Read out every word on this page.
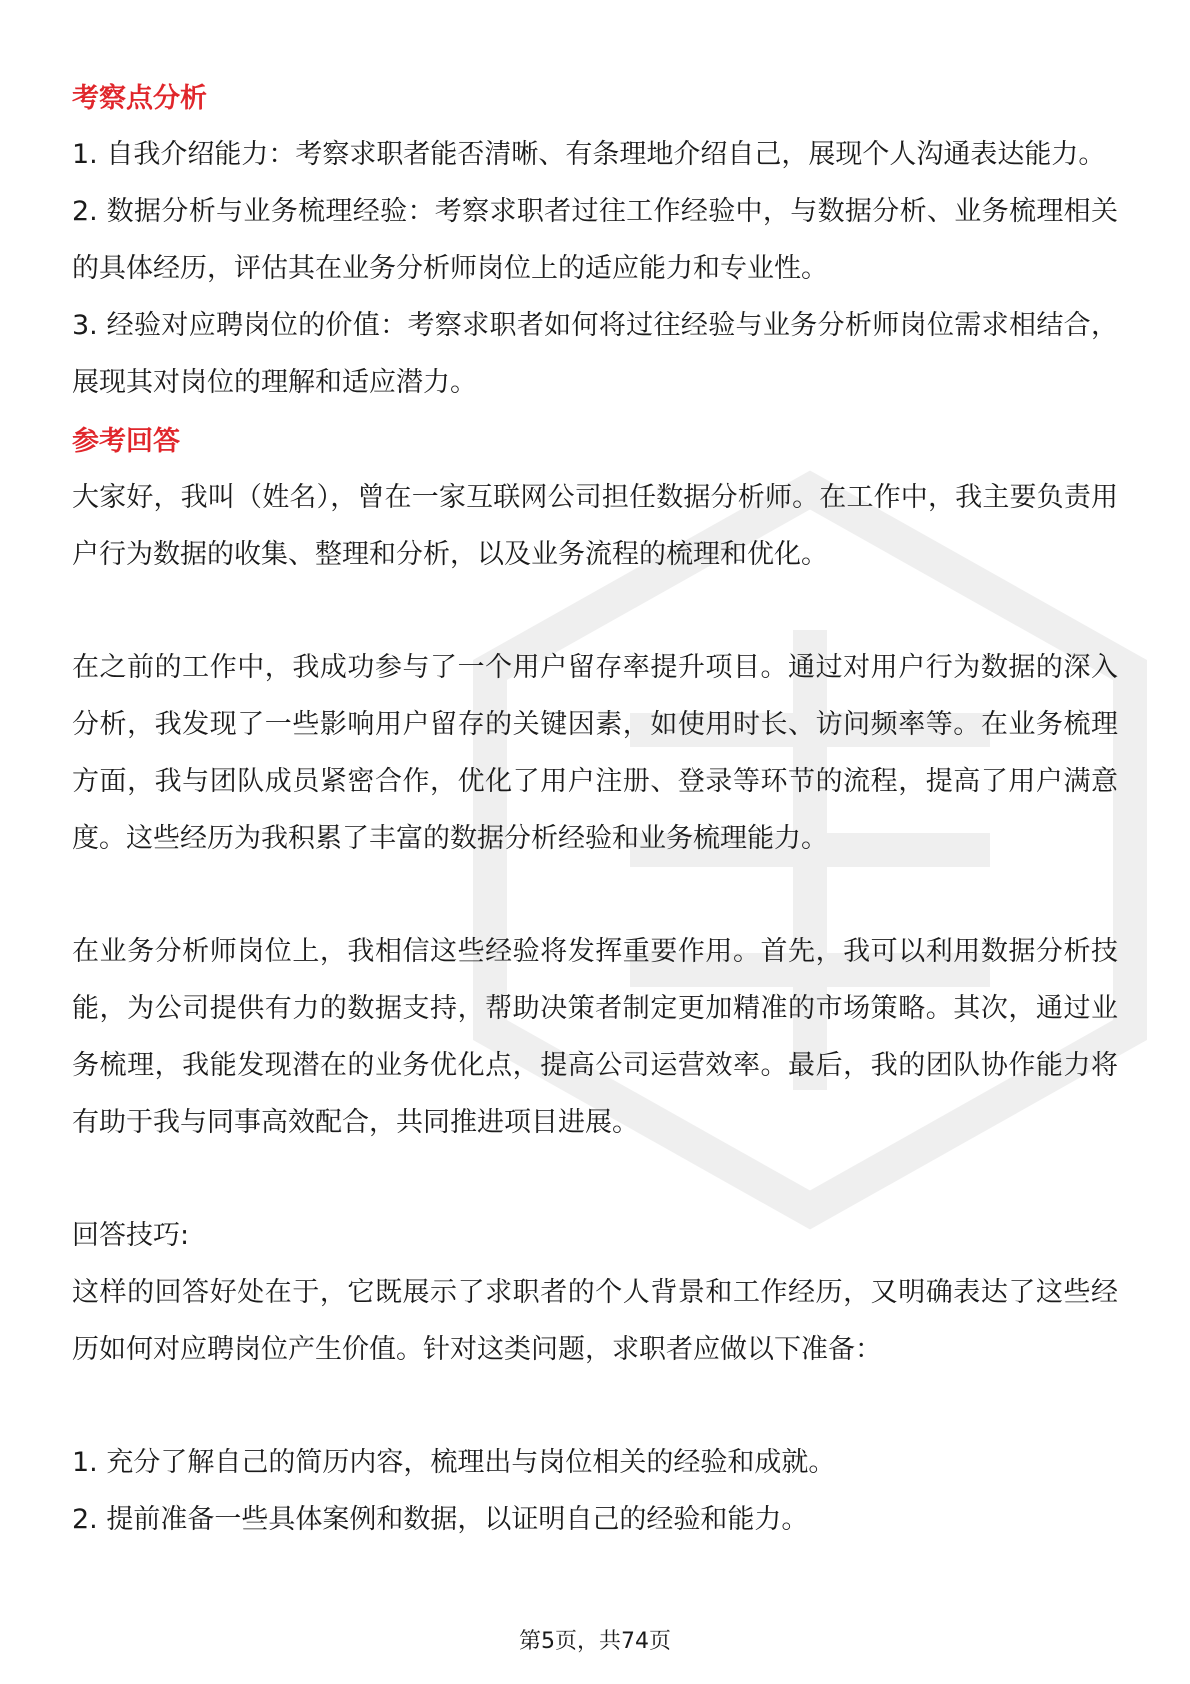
考察点分析

1. 自我介绍能力：考察求职者能否清晰、有条理地介绍自己，展现个人沟通表达能力。

2. 数据分析与业务梳理经验：考察求职者过往工作经验中，与数据分析、业务梳理相关的具体经历，评估其在业务分析师岗位上的适应能力和专业性。

3. 经验对应聘岗位的价值：考察求职者如何将过往经验与业务分析师岗位需求相结合，展现其对岗位的理解和适应潜力。

参考回答

大家好，我叫（姓名），曾在一家互联网公司担任数据分析师。在工作中，我主要负责用户行为数据的收集、整理和分析，以及业务流程的梳理和优化。

在之前的工作中，我成功参与了一个用户留存率提升项目。通过对用户行为数据的深入分析，我发现了一些影响用户留存的关键因素，如使用时长、访问频率等。在业务梳理方面，我与团队成员紧密合作，优化了用户注册、登录等环节的流程，提高了用户满意度。这些经历为我积累了丰富的数据分析经验和业务梳理能力。

在业务分析师岗位上，我相信这些经验将发挥重要作用。首先，我可以利用数据分析技能，为公司提供有力的数据支持，帮助决策者制定更加精准的市场策略。其次，通过业务梳理，我能发现潜在的业务优化点，提高公司运营效率。最后，我的团队协作能力将有助于我与同事高效配合，共同推进项目进展。

回答技巧:

这样的回答好处在于，它既展示了求职者的个人背景和工作经历，又明确表达了这些经历如何对应聘岗位产生价值。针对这类问题，求职者应做以下准备：

1. 充分了解自己的简历内容，梳理出与岗位相关的经验和成就。

2. 提前准备一些具体案例和数据，以证明自己的经验和能力。

第5页，共74页
